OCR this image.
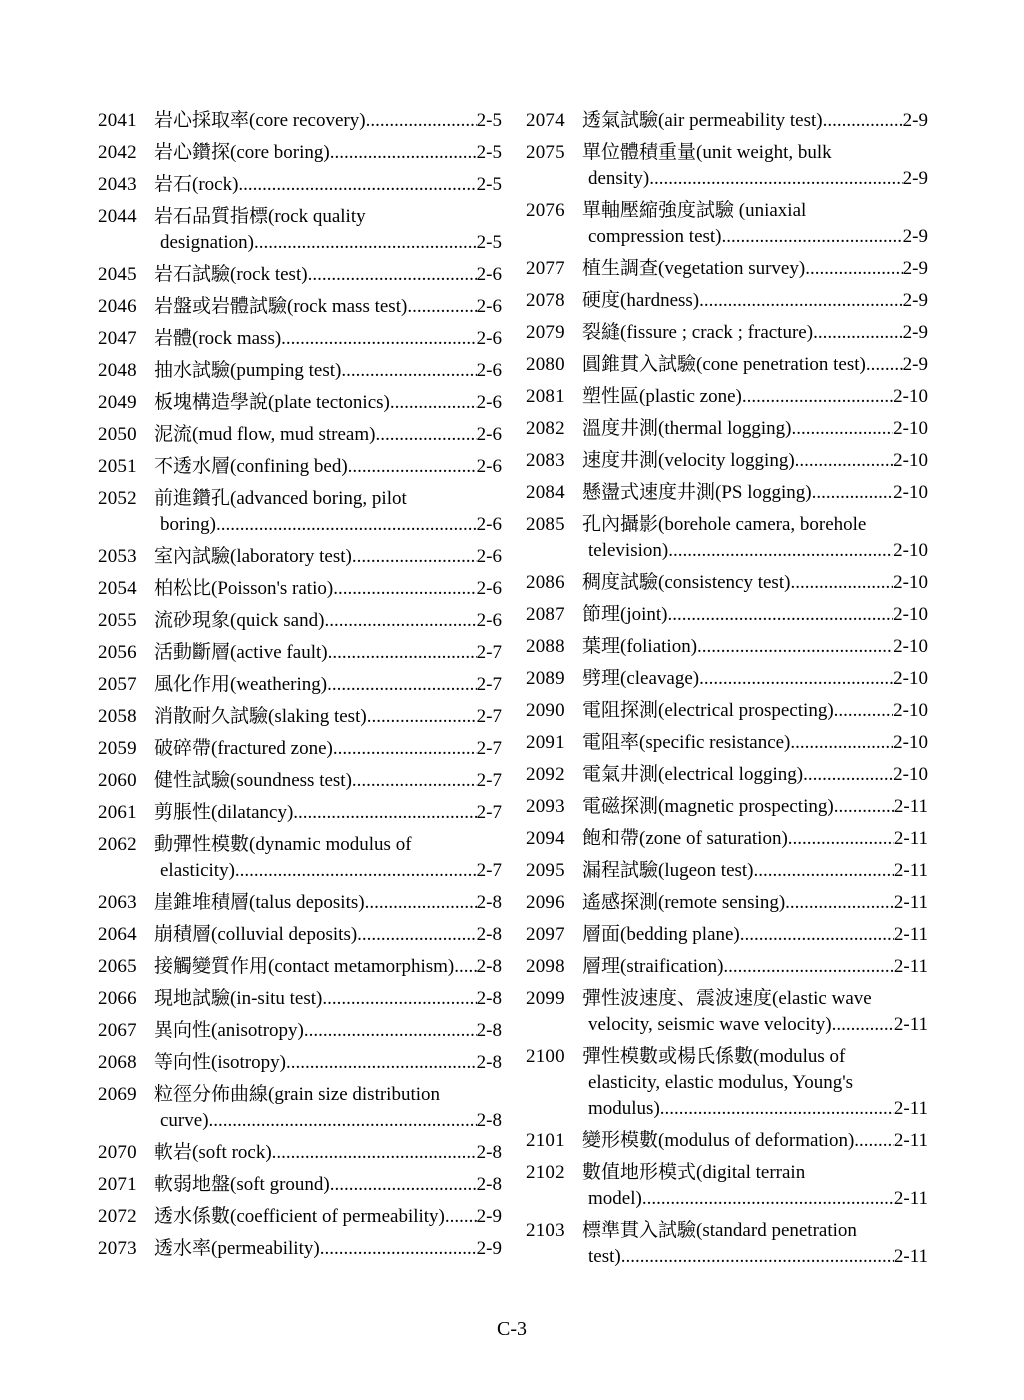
2041 岩心採取率(core recovery) .....	2-5
2042 岩心鑽探(core boring) .....	2-5
2043 岩石(rock) .....	2-5
2044 岩石品質指標(rock quality
designation) .....	2-5
2045 岩石試驗(rock test) .....	2-6
2046 岩盤或岩體試驗(rock mass test) .....	2-6
2047 岩體(rock mass) .....	2-6
2048 抽水試驗(pumping test) .....	2-6
2049 板塊構造學說(plate tectonics) .....	2-6
2050 泥流(mud flow, mud stream) .....	2-6
2051 不透水層(confining bed) .....	2-6
2052 前進鑽孔(advanced boring, pilot
boring) .....	2-6
2053 室內試驗(laboratory test) .....	2-6
2054 柏松比(Poisson's ratio) .....	2-6
2055 流砂現象(quick sand) .....	2-6
2056 活動斷層(active fault) .....	2-7
2057 風化作用(weathering) .....	2-7
2058 消散耐久試驗(slaking test) .....	2-7
2059 破碎帶(fractured zone) .....	2-7
2060 健性試驗(soundness test) .....	2-7
2061 剪脹性(dilatancy) .....	2-7
2062 動彈性模數(dynamic modulus of
elasticity) .....	2-7
2063 崖錐堆積層(talus deposits) .....	2-8
2064 崩積層(colluvial deposits) .....	2-8
2065 接觸變質作用(contact metamorphism) ..... 2-8
2066 現地試驗(in-situ test) .....	2-8
2067 異向性(anisotropy) .....	2-8
2068 等向性(isotropy) .....	2-8
2069 粒徑分佈曲線(grain size distribution
curve) .....	2-8
2070 軟岩(soft rock) .....	2-8
2071 軟弱地盤(soft ground) .....	2-8
2072 透水係數(coefficient of permeability) ..... 2-9
2073 透水率(permeability) .....	2-9
2074 透氣試驗(air permeability test) .....	2-9
2075 單位體積重量(unit weight, bulk
density) .....	2-9
2076 單軸壓縮強度試驗 (uniaxial
compression test) .....	2-9
2077 植生調查(vegetation survey) .....	2-9
2078 硬度(hardness) .....	2-9
2079 裂縫(fissure ; crack ; fracture) .....	2-9
2080 圓錐貫入試驗(cone penetration test) ..... 2-9
2081 塑性區(plastic zone) .....	2-10
2082 溫度井測(thermal logging) .....	2-10
2083 速度井測(velocity logging) .....	2-10
2084 懸盪式速度井測(PS logging) .....	2-10
2085 孔內攝影(borehole camera, borehole
television) .....	2-10
2086 稠度試驗(consistency test) .....	2-10
2087 節理(joint) .....	2-10
2088 葉理(foliation) .....	2-10
2089 劈理(cleavage) .....	2-10
2090 電阻探測(electrical prospecting) .....	2-10
2091 電阻率(specific resistance) .....	2-10
2092 電氣井測(electrical logging) .....	2-10
2093 電磁探測(magnetic prospecting) .....	2-11
2094 飽和帶(zone of saturation) .....	2-11
2095 漏程試驗(lugeon test) .....	2-11
2096 遙感探測(remote sensing) .....	2-11
2097 層面(bedding plane) .....	2-11
2098 層理(straification) .....	2-11
2099 彈性波速度、震波速度(elastic wave
velocity, seismic wave velocity) .....	2-11
2100 彈性模數或楊氏係數(modulus of
elasticity, elastic modulus, Young's
modulus) .....	2-11
2101 變形模數(modulus of deformation) ..... 2-11
2102 數值地形模式(digital terrain
model) .....	2-11
2103 標準貫入試驗(standard penetration
test) .....	2-11
C-3
